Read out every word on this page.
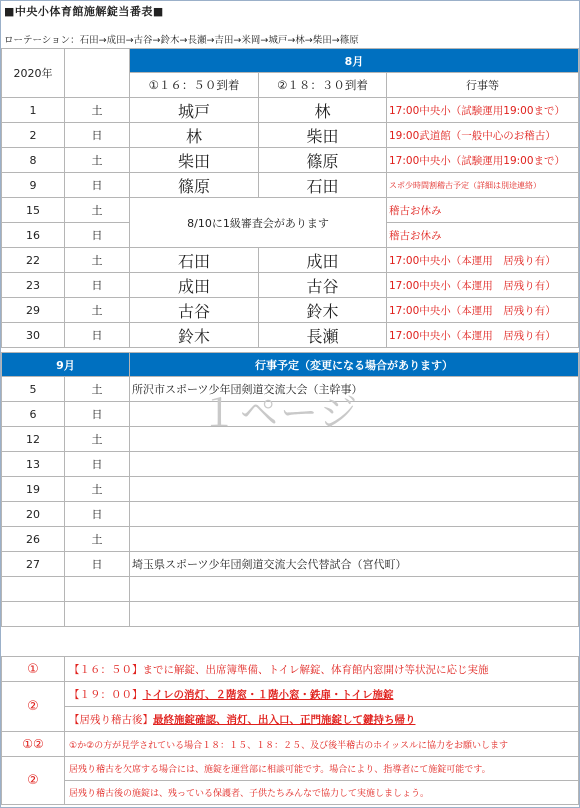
■中央小体育館施解錠当番表■
ローテーション：石田→成田→古谷→鈴木→長瀬→吉田→米岡→城戸→林→柴田→篠原
2020年		8月		
		①１６：５０到着	②１８：３０到着	行事等
1	土	城戸	林	17:00中央小（試験運用19:00まで）
2	日	林	柴田	19:00武道館（一般中心のお稽古）
8	土	柴田	篠原	17:00中央小（試験運用19:00まで）
9	日	篠原	石田	スポ少時間割稽古予定（詳細は別途連絡）
15	土	8/10に1級審査会があります		稽古お休み
16	日			稽古お休み
22	土	石田	成田	17:00中央小（本運用　居残り有）
23	日	成田	古谷	17:00中央小（本運用　居残り有）
29	土	古谷	鈴木	17:00中央小（本運用　居残り有）
30	日	鈴木	長瀬	17:00中央小（本運用　居残り有）
9月		行事予定（変更になる場合があります）
5	土	所沢市スポーツ少年団剣道交流大会（主幹事）
6	日	
12	土	
13	日	
19	土	
20	日	
26	土	
27	日	埼玉県スポーツ少年団剣道交流大会代替試合（宮代町）

１ページ
①	【１６：５０】までに解錠、出席簿準備、トイレ解錠、体育館内窓開け等状況に応じ実施
②	【１９：００】トイレの消灯、２階窓・１階小窓・鉄扉・トイレ施錠
	【居残り稽古後】最終施錠確認、消灯、出入口、正門施錠して鍵持ち帰り
①②	①か②の方が見学されている場合１８：１５、１８：２５、及び後半稽古のホイッスルに協力をお願いします
②	居残り稽古を欠席する場合には、施錠を運営部に相談可能です。場合により、指導者にて施錠可能です。
	居残り稽古後の施錠は、残っている保護者、子供たちみんなで協力して実施しましょう。
